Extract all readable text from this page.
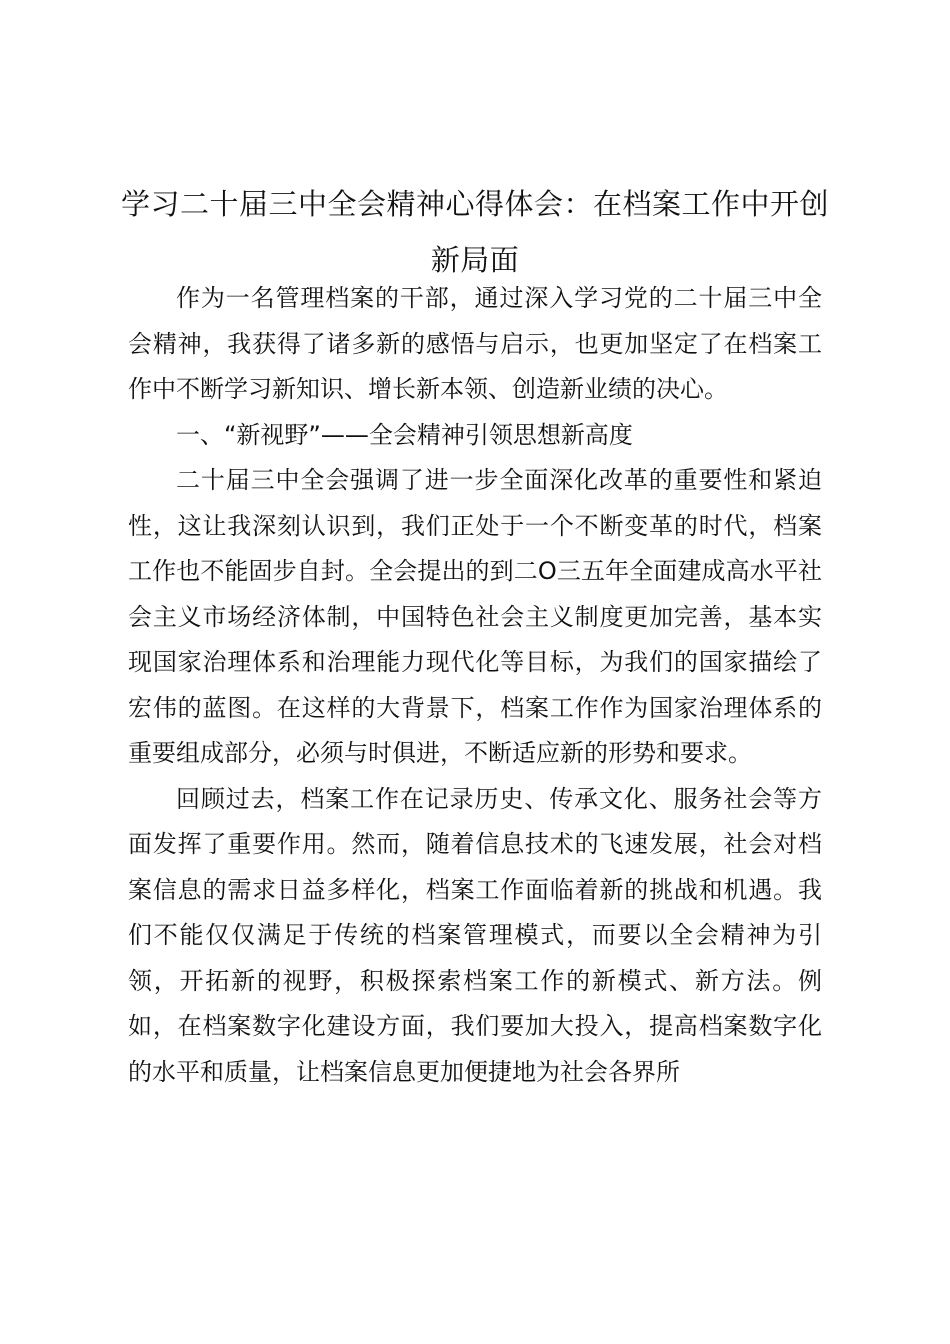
学习二十届三中全会精神心得体会：在档案工作中开创新局面

作为一名管理档案的干部，通过深入学习党的二十届三中全会精神，我获得了诸多新的感悟与启示，也更加坚定了在档案工作中不断学习新知识、增长新本领、创造新业绩的决心。

一、“新视野”——全会精神引领思想新高度

二十届三中全会强调了进一步全面深化改革的重要性和紧迫性，这让我深刻认识到，我们正处于一个不断变革的时代，档案工作也不能固步自封。全会提出的到二O三五年全面建成高水平社会主义市场经济体制，中国特色社会主义制度更加完善，基本实现国家治理体系和治理能力现代化等目标，为我们的国家描绘了宏伟的蓝图。在这样的大背景下，档案工作作为国家治理体系的重要组成部分，必须与时俱进，不断适应新的形势和要求。

回顾过去，档案工作在记录历史、传承文化、服务社会等方面发挥了重要作用。然而，随着信息技术的飞速发展，社会对档案信息的需求日益多样化，档案工作面临着新的挑战和机遇。我们不能仅仅满足于传统的档案管理模式，而要以全会精神为引领，开拓新的视野，积极探索档案工作的新模式、新方法。例如，在档案数字化建设方面，我们要加大投入，提高档案数字化的水平和质量，让档案信息更加便捷地为社会各界所
